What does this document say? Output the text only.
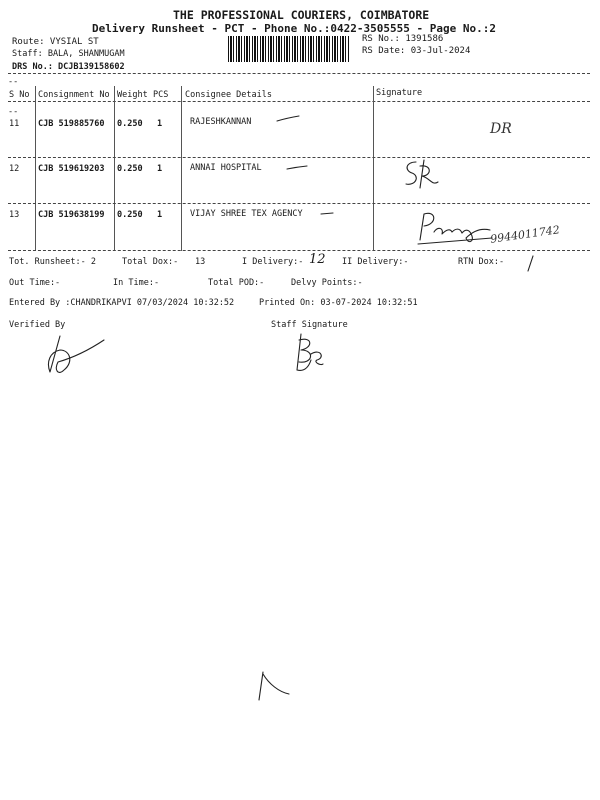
THE PROFESSIONAL COURIERS, COIMBATORE
Delivery Runsheet - PCT - Phone No.:0422-3505555 - Page No.:2
Route: VYSIAL ST
Staff: BALA, SHANMUGAM
DRS No.: DCJB139158602
RS No.: 1391586
RS Date: 03-Jul-2024
--
S No Consignment No Weight PCS Consignee Details	Signature
--
11 CJB 519885760 0.250 1	RAJESHKANNAN	DR
12 CJB 519619203 0.250 1	ANNAI HOSPITAL
13 CJB 519638199 0.250 1	VIJAY SHREE TEX AGENCY
9944011742
Tot. Runsheet:- 2	Total Dox:- 13	I Delivery:- 12 II Delivery:-	RTN Dox:-
Out Time:-	In Time:-	Total POD:-	Delvy Points:-
Entered By :CHANDRIKAPVI 07/03/2024 10:32:52	Printed On: 03-07-2024 10:32:51
Verified By	Staff Signature
